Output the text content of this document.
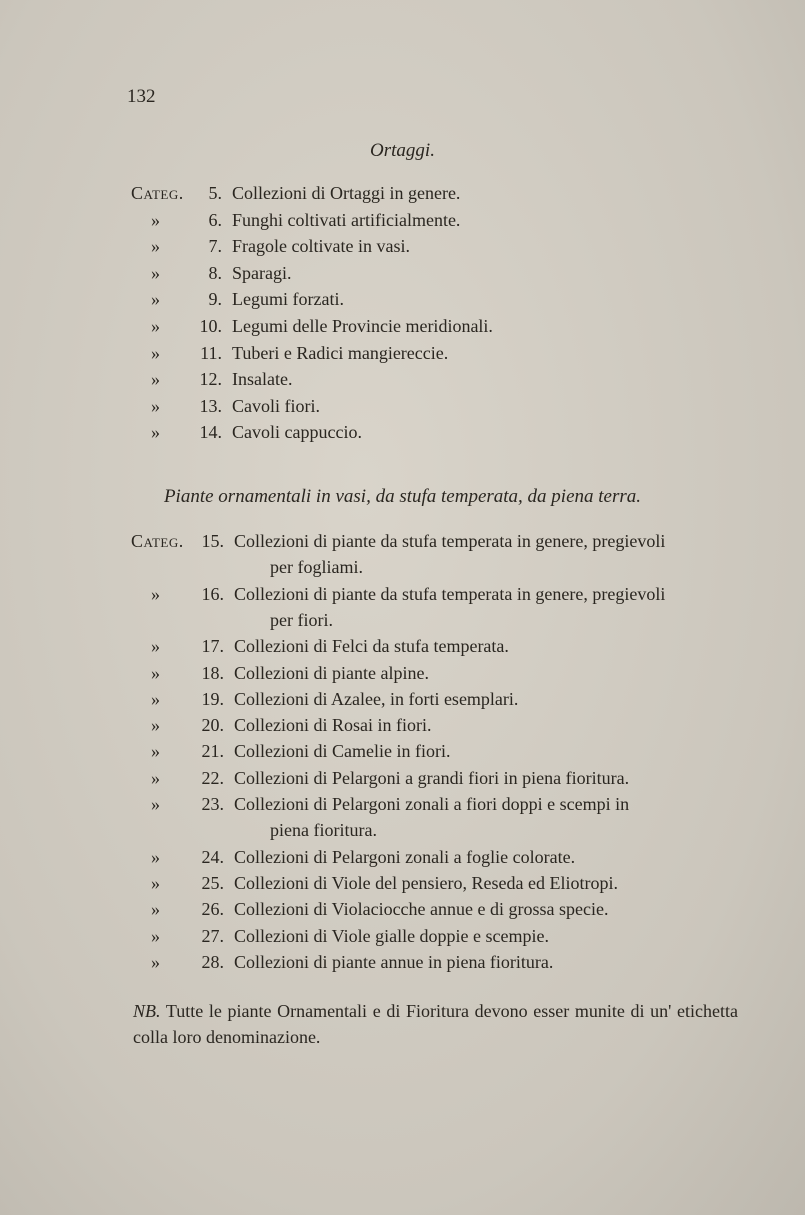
132
Ortaggi.
Categ.	5. Collezioni di Ortaggi in genere.
»	6. Funghi coltivati artificialmente.
»	7. Fragole coltivate in vasi.
»	8. Sparagi.
»	9. Legumi forzati.
»	10. Legumi delle Provincie meridionali.
»	11. Tuberi e Radici mangiereccie.
»	12. Insalate.
»	13. Cavoli fiori.
»	14. Cavoli cappuccio.
Piante ornamentali in vasi, da stufa temperata, da piena terra.
Categ. 15. Collezioni di piante da stufa temperata in genere, pregievoli
per fogliami.
»	16. Collezioni di piante da stufa temperata in genere, pregievoli
per fiori.
»	17. Collezioni di Felci da stufa temperata.
»	18. Collezioni di piante alpine.
»	19. Collezioni di Azalee, in forti esemplari.
»	20. Collezioni di Rosai in fiori.
»	21. Collezioni di Camelie in fiori.
»	22. Collezioni di Pelargoni a grandi fiori in piena fioritura.
»	23. Collezioni di Pelargoni zonali a fiori doppi e scempi in
piena fioritura.
»	24. Collezioni di Pelargoni zonali a foglie colorate.
»	25. Collezioni di Viole del pensiero, Reseda ed Eliotropi.
»	26. Collezioni di Violaciocche annue e di grossa specie.
»	27. Collezioni di Viole gialle doppie e scempie.
»	28. Collezioni di piante annue in piena fioritura.
NB. Tutte le piante Ornamentali e di Fioritura devono esser munite di un' etichetta colla loro denominazione.
